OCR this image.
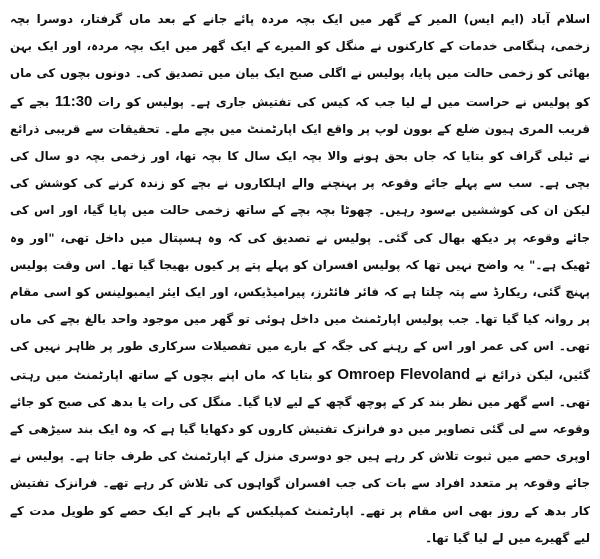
اسلام آباد (ایم ایس) المیر کے گھر میں ایک بچہ مردہ پائے جانے کے بعد ماں گرفتار، دوسرا بچہ زخمی، ہنگامی خدمات کے کارکنوں نے منگل کو المیرے کے ایک گھر میں ایک بچہ مردہ، اور ایک بہن بھائی کو زخمی حالت میں پایا، پولیس نے اگلی صبح ایک بیان میں تصدیق کی۔ دونوں بچوں کی ماں کو پولیس نے حراست میں لے لیا جب کہ کیس کی تفتیش جاری ہے۔ پولیس کو رات 11:30 بجے کے قریب المری ہیون ضلع کے بوون لوپ پر واقع ایک اپارٹمنٹ میں بچے ملے۔ تحقیقات سے قریبی ذرائع نے ٹیلی گراف کو بتایا کہ جاں بحق ہونے والا بچہ ایک سال کا بچہ تھا، اور زخمی بچہ دو سال کی بچی ہے۔ سب سے پہلے جائے وقوعہ پر پہنچنے والے اہلکاروں نے بچے کو زندہ کرنے کی کوشش کی لیکن ان کی کوششیں بےسود رہیں۔ چھوٹا بچہ بچے کے ساتھ زخمی حالت میں پایا گیا، اور اس کی جائے وقوعہ پر دیکھ بھال کی گئی۔ پولیس نے تصدیق کی کہ وہ ہسپتال میں داخل تھی، "اور وہ ٹھیک ہے۔" یہ واضح نہیں تھا کہ پولیس افسران کو پہلے پتے پر کیوں بھیجا گیا تھا۔ اس وقت پولیس پہنچ گئی، ریکارڈ سے پتہ چلتا ہے کہ فائر فائٹرز، پیرامیڈیکس، اور ایک ایئر ایمبولینس کو اسی مقام پر روانہ کیا گیا تھا۔ جب پولیس اپارٹمنٹ میں داخل ہوئی تو گھر میں موجود واحد بالغ بچے کی ماں تھی۔ اس کی عمر اور اس کے رہنے کی جگہ کے بارے میں تفصیلات سرکاری طور پر ظاہر نہیں کی گئیں، لیکن ذرائع نے Omroep Flevoland کو بتایا کہ ماں اپنے بچوں کے ساتھ اپارٹمنٹ میں رہتی تھی۔ اسے گھر میں نظر بند کر کے پوچھ گچھ کے لیے لایا گیا۔ منگل کی رات یا بدھ کی صبح کو جائے وقوعہ سے لی گئی تصاویر میں دو فرانزک تفتیش کاروں کو دکھایا گیا ہے کہ وہ ایک بند سیڑھی کے اوپری حصے میں ثبوت تلاش کر رہے ہیں جو دوسری منزل کے اپارٹمنٹ کی طرف جاتا ہے۔ پولیس نے جائے وقوعہ پر متعدد افراد سے بات کی جب افسران گواہوں کی تلاش کر رہے تھے۔ فرانزک تفتیش کار بدھ کے روز بھی اس مقام پر تھے۔ اپارٹمنٹ کمپلیکس کے باہر کے ایک حصے کو طویل مدت کے لیے گھیرے میں لے لیا گیا تھا۔
